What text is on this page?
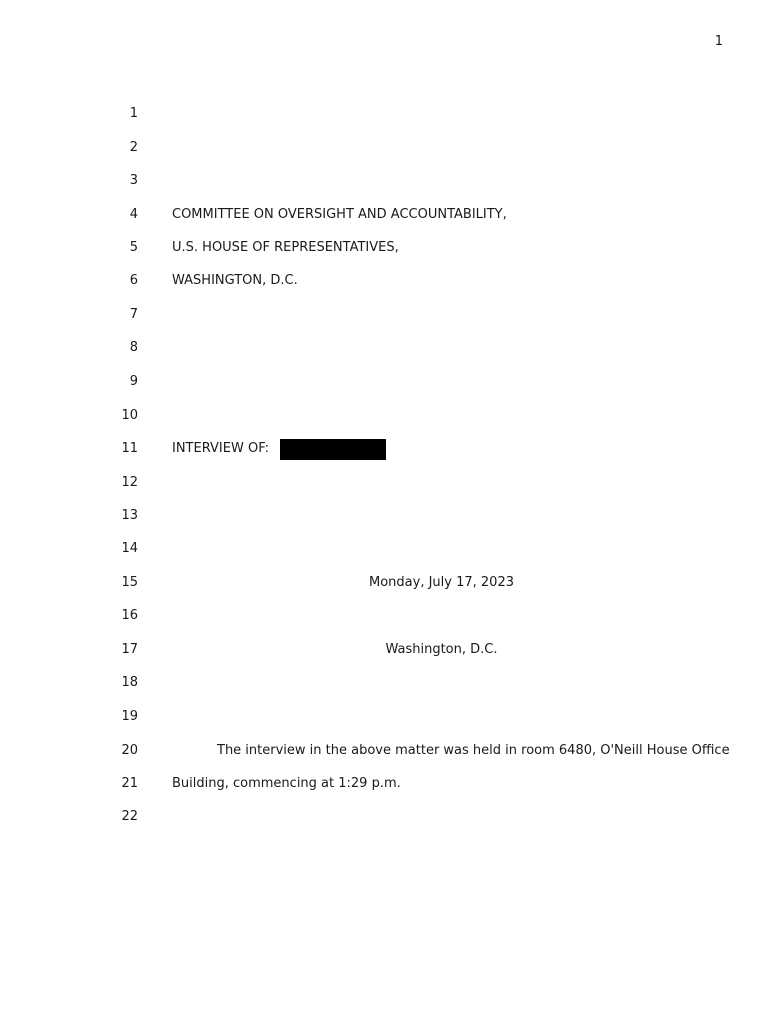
1
1
2
3
4	COMMITTEE ON OVERSIGHT AND ACCOUNTABILITY,
5	U.S. HOUSE OF REPRESENTATIVES,
6	WASHINGTON, D.C.
7
8
9
10
11	INTERVIEW OF:
12
13
14
15	Monday, July 17, 2023
16
17	Washington, D.C.
18
19
20	The interview in the above matter was held in room 6480, O'Neill House Office
21	Building, commencing at 1:29 p.m.
22
